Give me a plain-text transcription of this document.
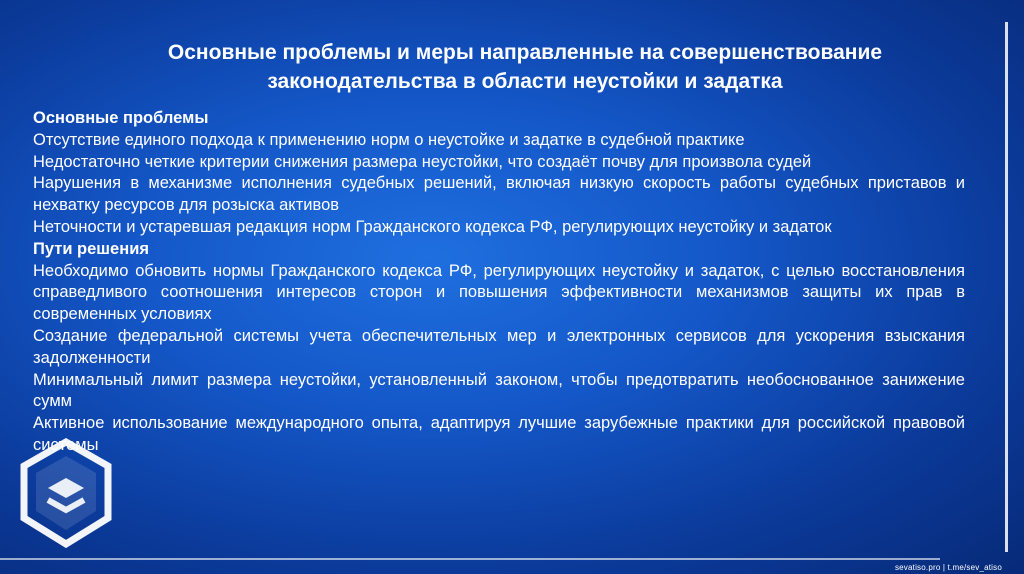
Основные проблемы и меры направленные на совершенствование
законодательства в области неустойки и задатка
Основные проблемы
Отсутствие единого подхода к применению норм о неустойке и задатке в судебной практике
Недостаточно четкие критерии снижения размера неустойки, что создаёт почву для произвола судей
Нарушения в механизме исполнения судебных решений, включая низкую скорость работы судебных приставов и нехватку ресурсов для розыска активов
Неточности и устаревшая редакция норм Гражданского кодекса РФ, регулирующих неустойку и задаток
Пути решения
Необходимо обновить нормы Гражданского кодекса РФ, регулирующих неустойку и задаток, с целью восстановления справедливого соотношения интересов сторон и повышения эффективности механизмов защиты их прав в современных условиях
Создание федеральной системы учета обеспечительных мер и электронных сервисов для ускорения взыскания задолженности
Минимальный лимит размера неустойки, установленный законом, чтобы предотвратить необоснованное занижение сумм
Активное использование международного опыта, адаптируя лучшие зарубежные практики для российской правовой системы
sevatiso.pro | t.me/sev_atiso
